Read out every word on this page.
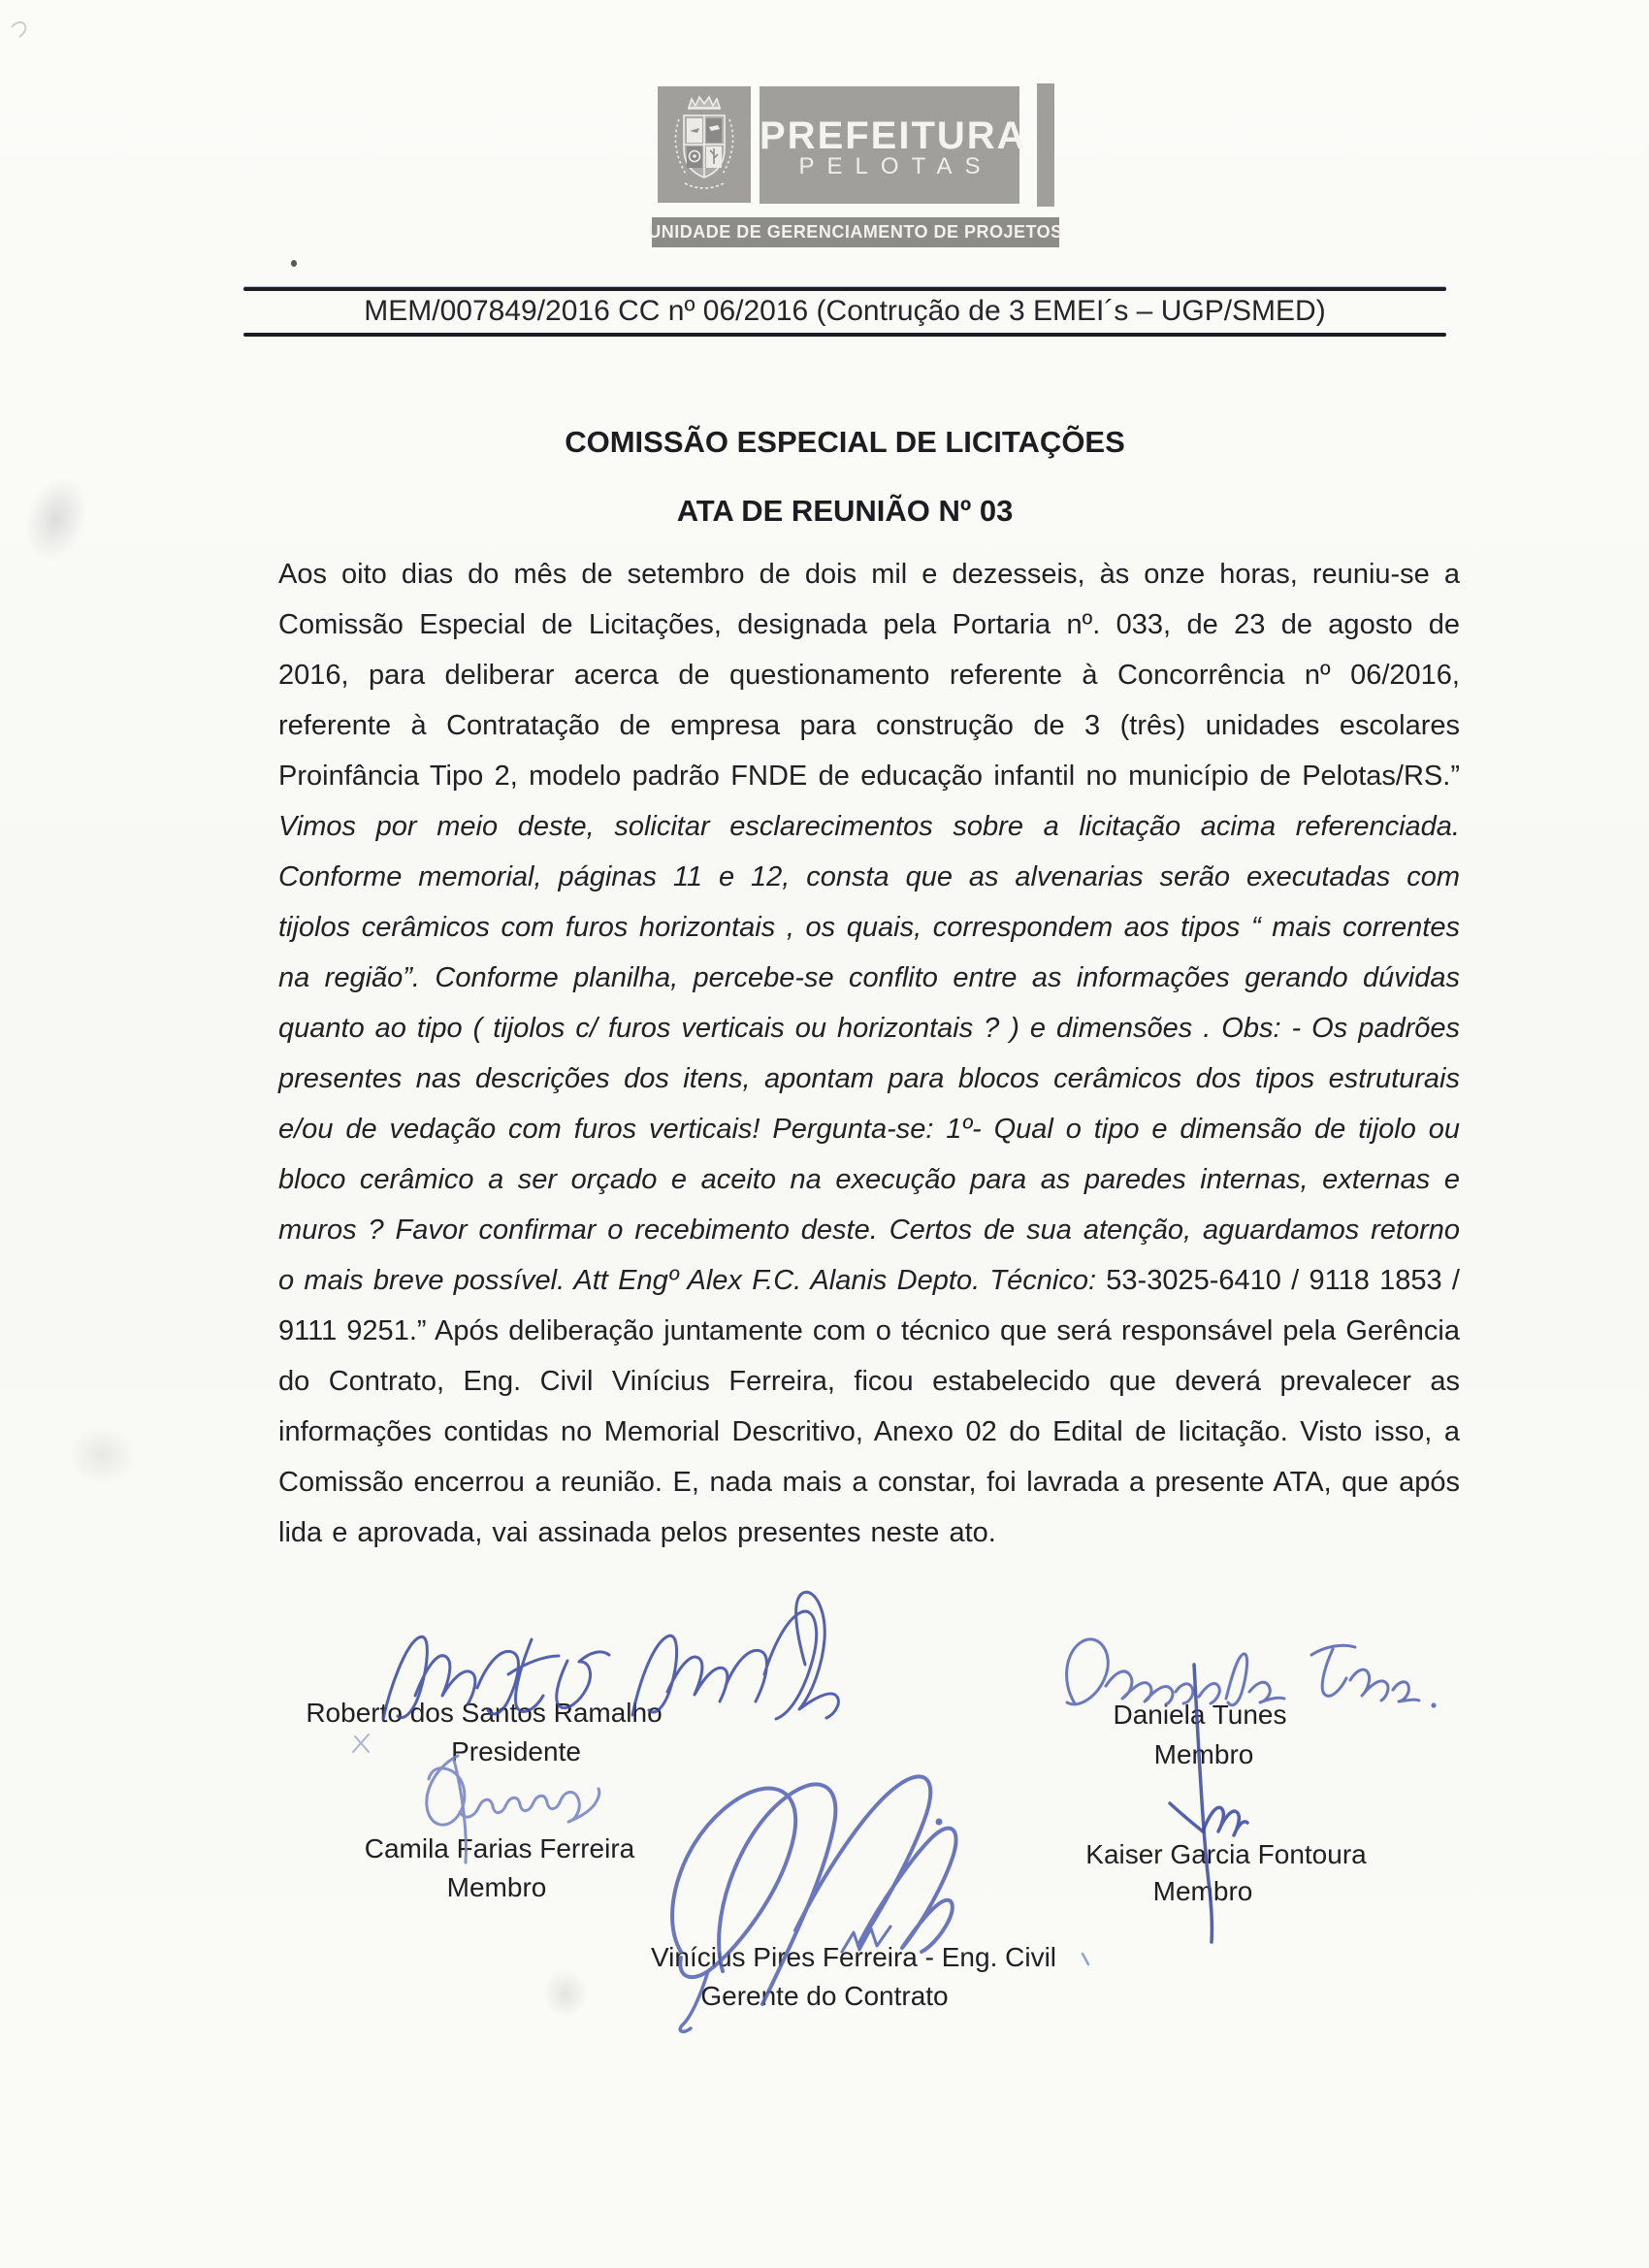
PREFEITURA
PELOTAS
UNIDADE DE GERENCIAMENTO DE PROJETOS
MEM/007849/2016 CC nº 06/2016 (Contrução de 3 EMEI´s – UGP/SMED)
COMISSÃO ESPECIAL DE LICITAÇÕES
ATA DE REUNIÃO Nº 03

Aos oito dias do mês de setembro de dois mil e dezesseis, às onze horas, reuniu-se a Comissão Especial de Licitações, designada pela Portaria nº. 033, de 23 de agosto de 2016, para deliberar acerca de questionamento referente à Concorrência nº 06/2016, referente à Contratação de empresa para construção de 3 (três) unidades escolares Proinfância Tipo 2, modelo padrão FNDE de educação infantil no município de Pelotas/RS.” Vimos por meio deste, solicitar esclarecimentos sobre a licitação acima referenciada. Conforme memorial, páginas 11 e 12, consta que as alvenarias serão executadas com tijolos cerâmicos com furos horizontais , os quais, correspondem aos tipos “ mais correntes na região”. Conforme planilha, percebe-se conflito entre as informações gerando dúvidas quanto ao tipo ( tijolos c/ furos verticais ou horizontais ? ) e dimensões . Obs: - Os padrões presentes nas descrições dos itens, apontam para blocos cerâmicos dos tipos estruturais e/ou de vedação com furos verticais! Pergunta-se: 1º- Qual o tipo e dimensão de tijolo ou bloco cerâmico a ser orçado e aceito na execução para as paredes internas, externas e muros ? Favor confirmar o recebimento deste. Certos de sua atenção, aguardamos retorno o mais breve possível. Att Engº Alex F.C. Alanis Depto. Técnico: 53-3025-6410 / 9118 1853 / 9111 9251.” Após deliberação juntamente com o técnico que será responsável pela Gerência do Contrato, Eng. Civil Vinícius Ferreira, ficou estabelecido que deverá prevalecer as informações contidas no Memorial Descritivo, Anexo 02 do Edital de licitação. Visto isso, a Comissão encerrou a reunião. E, nada mais a constar, foi lavrada a presente ATA, que após lida e aprovada, vai assinada pelos presentes neste ato.

Roberto dos Santos Ramalho
Presidente
Daniela Tunes
Membro
Camila Farias Ferreira
Membro
Kaiser Garcia Fontoura
Membro
Vinícius Pires Ferreira - Eng. Civil
Gerente do Contrato
